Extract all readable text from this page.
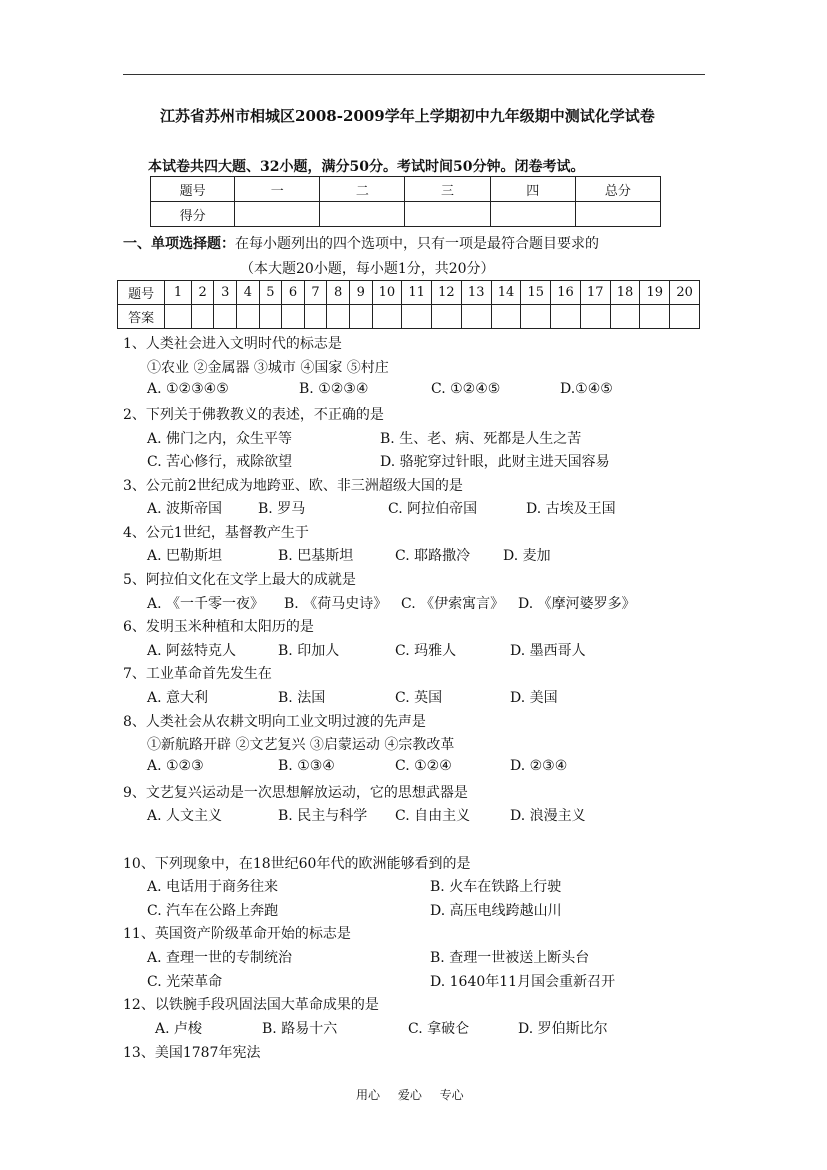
江苏省苏州市相城区2008-2009学年上学期初中九年级期中测试化学试卷
本试卷共四大题、32小题，满分50分。考试时间50分钟。闭卷考试。
题号	一	二	三	四	总分
得分					
一、单项选择题：在每小题列出的四个选项中，只有一项是最符合题目要求的
（本大题20小题，每小题1分，共20分）
题号	1	2	3	4	5	6	7	8	9	10	11	12	13	14	15	16	17	18	19	20
答案																				
1、人类社会进入文明时代的标志是
①农业 ②金属器 ③城市 ④国家 ⑤村庄
A. ①②③④⑤	B. ①②③④	C. ①②④⑤	D.①④⑤
2、下列关于佛教教义的表述，不正确的是
A. 佛门之内，众生平等	B. 生、老、病、死都是人生之苦
C. 苦心修行，戒除欲望	D. 骆驼穿过针眼，此财主进天国容易
3、公元前2世纪成为地跨亚、欧、非三洲超级大国的是
A. 波斯帝国	B. 罗马	C. 阿拉伯帝国	D. 古埃及王国
4、公元1世纪，基督教产生于
A. 巴勒斯坦	B. 巴基斯坦	C. 耶路撒冷 D. 麦加
5、阿拉伯文化在文学上最大的成就是
A. 《一千零一夜》 B. 《荷马史诗》 C. 《伊索寓言》 D. 《摩河婆罗多》
6、发明玉米种植和太阳历的是
A. 阿兹特克人	B. 印加人	C. 玛雅人	D. 墨西哥人
7、工业革命首先发生在
A. 意大利	B. 法国	C. 英国	D. 美国
8、人类社会从农耕文明向工业文明过渡的先声是
①新航路开辟 ②文艺复兴 ③启蒙运动 ④宗教改革
A. ①②③	B. ①③④	C. ①②④	D. ②③④
9、文艺复兴运动是一次思想解放运动，它的思想武器是
A. 人文主义	B. 民主与科学 C. 自由主义	D. 浪漫主义
10、下列现象中，在18世纪60年代的欧洲能够看到的是
A. 电话用于商务往来	B. 火车在铁路上行驶
C. 汽车在公路上奔跑	D. 高压电线跨越山川
11、英国资产阶级革命开始的标志是
A. 查理一世的专制统治	B. 查理一世被送上断头台
C. 光荣革命	D. 1640年11月国会重新召开
12、以铁腕手段巩固法国大革命成果的是
A. 卢梭	B. 路易十六	C. 拿破仑	D. 罗伯斯比尔
13、美国1787年宪法
用心 爱心 专心
